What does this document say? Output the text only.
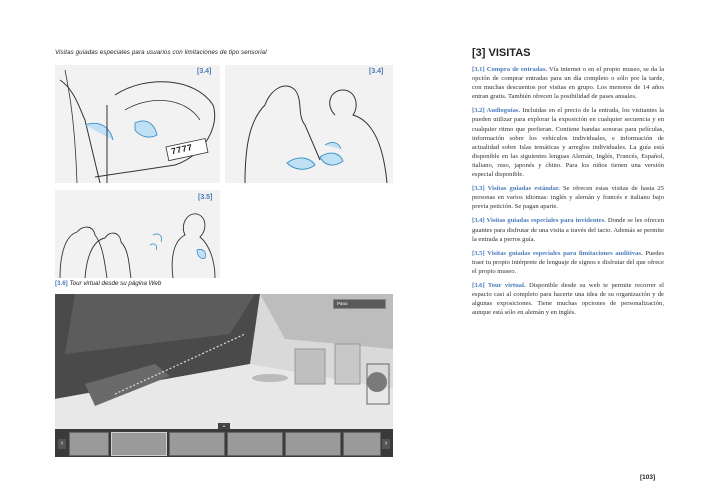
Visitas guiadas especiales para usuarios con limitaciones de tipo sensorial
[3.4]
7777
[3.4]
[3.5]
[3.6] Tour virtual desde su página Web
Pano
⌄
‹	›
[3] VISITAS

[3.1] Compra de entradas. Vía internet o en el propio museo, se da la opción de comprar entradas para un día completo o sólo por la tarde, con muchas descuentos por visitas en grupo. Los menores de 14 años entran gratis. También ofrecen la posibilidad de pases anuales.

[3.2] Audioguías. Incluidas en el precio de la entrada, los visitantes la pueden utilizar para explorar la exposición en cualquier secuencia y en cualquier ritmo que prefieran. Contiene bandas sonoras para películas, información sobre los vehículos individuales, e información de actualidad sobre Islas temáticas y arreglos individuales. La guía está disponible en las siguientes lenguas Alemán, Inglés, Francés, Español, italiano, ruso, japonés y chino. Para los niños tienen una versión especial disponible.

[3.3] Visitas guiadas estándar. Se ofrecen estas visitas de hasta 25 personas en varios idiomas: inglés y alemán y francés e italiano bajo previa petición. Se pagan aparte.

[3.4] Visitas guiadas especiales para invidentes. Donde se les ofrecen guantes para disfrutar de una visita a través del tacto. Además se permite la entrada a perros guía.

[3.5] Visitas guiadas especiales para limitaciones auditivas. Puedes traer tu propio intérprete de lenguaje de signos e disfrutar del que ofrece el propio museo.

[3.6] Tour virtual. Disponible desde su web te permite recorrer el espacio casi al completo para hacerte una idea de su organización y de algunas exposiciones. Tiene muchas opciones de personalización, aunque está sólo en alemán y en inglés.

[103]
